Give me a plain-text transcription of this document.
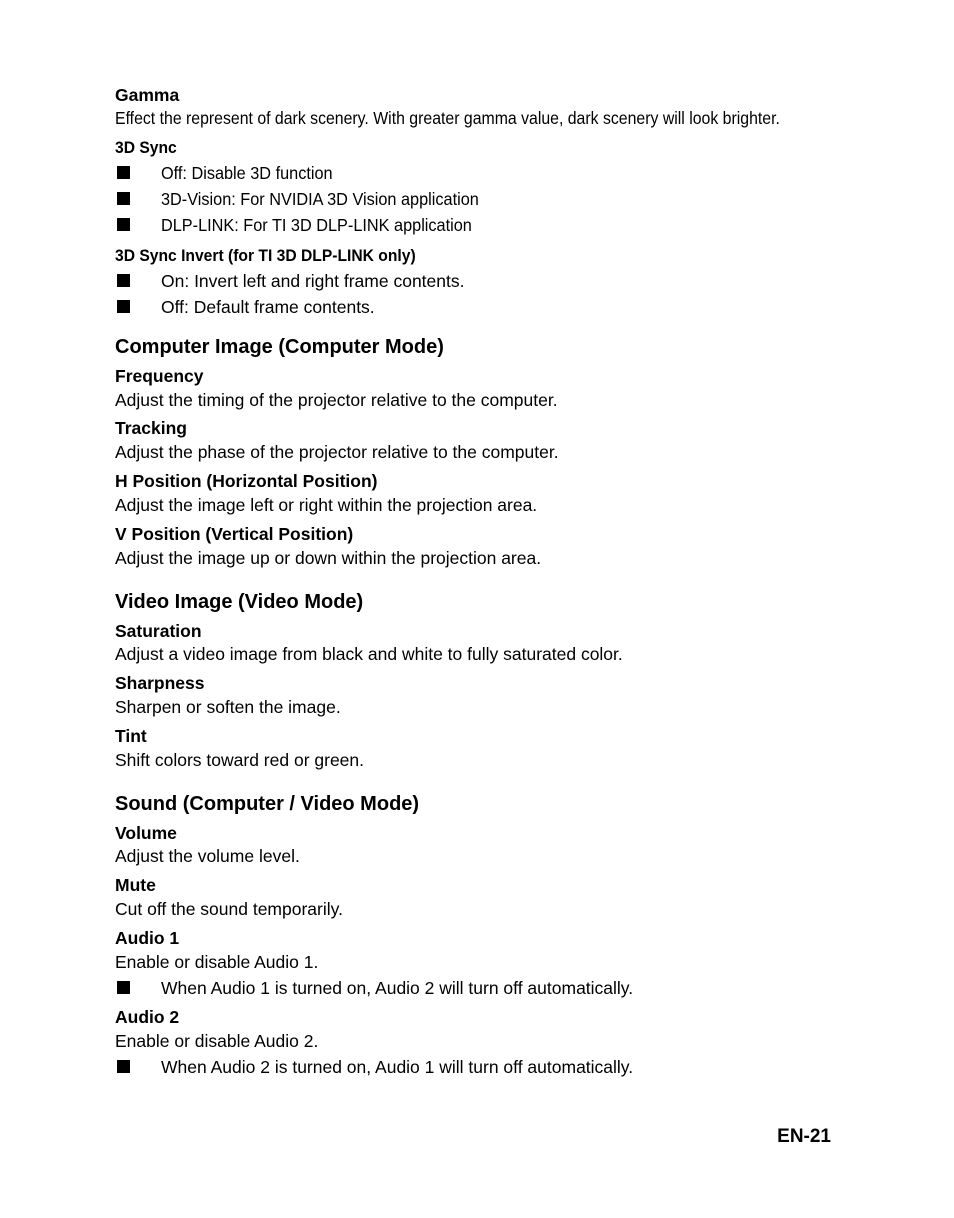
Gamma
Effect the represent of dark scenery. With greater gamma value, dark scenery will look brighter.
3D Sync
Off: Disable 3D function
3D-Vision: For NVIDIA 3D Vision application
DLP-LINK: For TI 3D DLP-LINK application
3D Sync Invert (for TI 3D DLP-LINK only)
On: Invert left and right frame contents.
Off: Default frame contents.
Computer Image (Computer Mode)
Frequency
Adjust the timing of the projector relative to the computer.
Tracking
Adjust the phase of the projector relative to the computer.
H Position (Horizontal Position)
Adjust the image left or right within the projection area.
V Position (Vertical Position)
Adjust the image up or down within the projection area.
Video Image (Video Mode)
Saturation
Adjust a video image from black and white to fully saturated color.
Sharpness
Sharpen or soften the image.
Tint
Shift colors toward red or green.
Sound (Computer / Video Mode)
Volume
Adjust the volume level.
Mute
Cut off the sound temporarily.
Audio 1
Enable or disable Audio 1.
When Audio 1 is turned on, Audio 2 will turn off automatically.
Audio 2
Enable or disable Audio 2.
When Audio 2 is turned on, Audio 1 will turn off automatically.
EN-21
